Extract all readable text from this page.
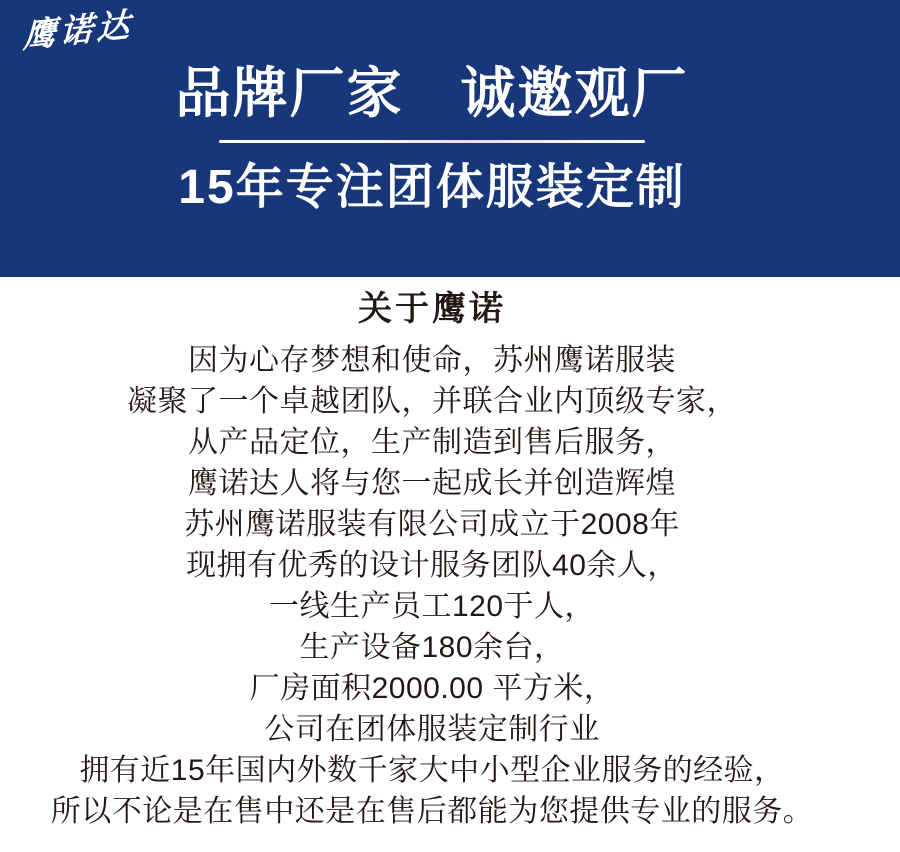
鹰诺达
品牌厂家　诚邀观厂
15年专注团体服装定制
关于鹰诺
因为心存梦想和使命，苏州鹰诺服装
凝聚了一个卓越团队，并联合业内顶级专家，
从产品定位，生产制造到售后服务，
鹰诺达人将与您一起成长并创造辉煌
苏州鹰诺服装有限公司成立于2008年
现拥有优秀的设计服务团队40余人，
一线生产员工120于人，
生产设备180余台，
厂房面积2000.00 平方米，
公司在团体服装定制行业
拥有近15年国内外数千家大中小型企业服务的经验，
所以不论是在售中还是在售后都能为您提供专业的服务。
